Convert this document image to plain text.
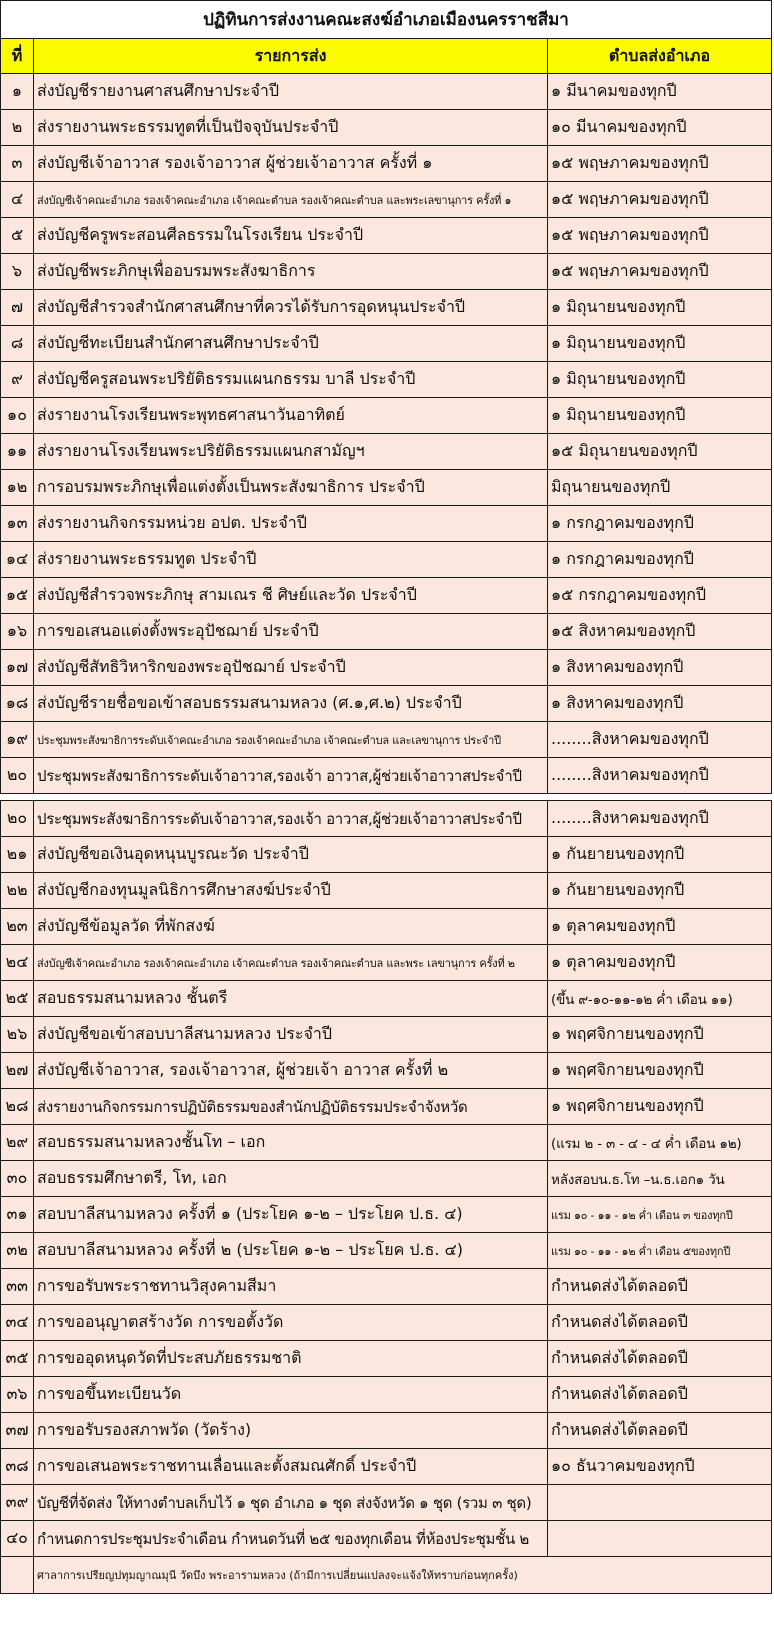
ปฏิทินการส่งงานคณะสงฆ์อำเภอเมืองนครราชสีมา		
ที่	รายการส่ง	ตำบลส่งอำเภอ
๑	ส่งบัญชีรายงานศาสนศึกษาประจำปี	๑ มีนาคมของทุกปี
๒	ส่งรายงานพระธรรมทูตที่เป็นปัจจุบันประจำปี	๑๐ มีนาคมของทุกปี
๓	ส่งบัญชีเจ้าอาวาส รองเจ้าอาวาส ผู้ช่วยเจ้าอาวาส ครั้งที่ ๑	๑๕ พฤษภาคมของทุกปี
๔	ส่งบัญชีเจ้าคณะอำเภอ รองเจ้าคณะอำเภอ เจ้าคณะตำบล รองเจ้าคณะตำบล และพระเลขานุการ ครั้งที่ ๑	๑๕ พฤษภาคมของทุกปี
๕	ส่งบัญชีครูพระสอนศีลธรรมในโรงเรียน ประจำปี	๑๕ พฤษภาคมของทุกปี
๖	ส่งบัญชีพระภิกษุเพื่ออบรมพระสังฆาธิการ	๑๕ พฤษภาคมของทุกปี
๗	ส่งบัญชีสำรวจสำนักศาสนศึกษาที่ควรได้รับการอุดหนุนประจำปี	๑ มิถุนายนของทุกปี
๘	ส่งบัญชีทะเบียนสำนักศาสนศึกษาประจำปี	๑ มิถุนายนของทุกปี
๙	ส่งบัญชีครูสอนพระปริยัติธรรมแผนกธรรม บาลี ประจำปี	๑ มิถุนายนของทุกปี
๑๐	ส่งรายงานโรงเรียนพระพุทธศาสนาวันอาทิตย์	๑ มิถุนายนของทุกปี
๑๑	ส่งรายงานโรงเรียนพระปริยัติธรรมแผนกสามัญฯ	๑๕ มิถุนายนของทุกปี
๑๒	การอบรมพระภิกษุเพื่อแต่งตั้งเป็นพระสังฆาธิการ ประจำปี	มิถุนายนของทุกปี
๑๓	ส่งรายงานกิจกรรมหน่วย อปต. ประจำปี	๑ กรกฎาคมของทุกปี
๑๔	ส่งรายงานพระธรรมทูต ประจำปี	๑ กรกฎาคมของทุกปี
๑๕	ส่งบัญชีสำรวจพระภิกษุ สามเณร ชี ศิษย์และวัด ประจำปี	๑๕ กรกฎาคมของทุกปี
๑๖	การขอเสนอแต่งตั้งพระอุปัชฌาย์ ประจำปี	๑๕ สิงหาคมของทุกปี
๑๗	ส่งบัญชีสัทธิวิหาริกของพระอุปัชฌาย์ ประจำปี	๑ สิงหาคมของทุกปี
๑๘	ส่งบัญชีรายชื่อขอเข้าสอบธรรมสนามหลวง (ศ.๑,ศ.๒) ประจำปี	๑ สิงหาคมของทุกปี
๑๙	ประชุมพระสังฆาธิการระดับเจ้าคณะอำเภอ รองเจ้าคณะอำเภอ เจ้าคณะตำบล และเลขานุการ ประจำปี	........สิงหาคมของทุกปี
๒๐	ประชุมพระสังฆาธิการระดับเจ้าอาวาส,รองเจ้า อาวาส,ผู้ช่วยเจ้าอาวาสประจำปี	........สิงหาคมของทุกปี
๒๐	ประชุมพระสังฆาธิการระดับเจ้าอาวาส,รองเจ้า อาวาส,ผู้ช่วยเจ้าอาวาสประจำปี	........สิงหาคมของทุกปี
๒๑	ส่งบัญชีขอเงินอุดหนุนบูรณะวัด ประจำปี	๑ กันยายนของทุกปี
๒๒	ส่งบัญชีกองทุนมูลนิธิการศึกษาสงฆ์ประจำปี	๑ กันยายนของทุกปี
๒๓	ส่งบัญชีข้อมูลวัด ที่พักสงฆ์	๑ ตุลาคมของทุกปี
๒๔	ส่งบัญชีเจ้าคณะอำเภอ รองเจ้าคณะอำเภอ เจ้าคณะตำบล รองเจ้าคณะตำบล และพระ เลขานุการ ครั้งที่ ๒	๑ ตุลาคมของทุกปี
๒๕	สอบธรรมสนามหลวง ชั้นตรี	(ขึ้น ๙-๑๐-๑๑-๑๒ ค่ำ เดือน ๑๑)
๒๖	ส่งบัญชีขอเข้าสอบบาลีสนามหลวง ประจำปี	๑ พฤศจิกายนของทุกปี
๒๗	ส่งบัญชีเจ้าอาวาส, รองเจ้าอาวาส, ผู้ช่วยเจ้า อาวาส ครั้งที่ ๒	๑ พฤศจิกายนของทุกปี
๒๘	ส่งรายงานกิจกรรมการปฏิบัติธรรมของสำนักปฏิบัติธรรมประจำจังหวัด	๑ พฤศจิกายนของทุกปี
๒๙	สอบธรรมสนามหลวงชั้นโท – เอก	(แรม ๒ - ๓ - ๔ - ๔ ค่ำ เดือน ๑๒)
๓๐	สอบธรรมศึกษาตรี, โท, เอก	หลังสอบน.ธ.โท –น.ธ.เอก๑ วัน
๓๑	สอบบาลีสนามหลวง ครั้งที่ ๑ (ประโยค ๑-๒ – ประโยค ป.ธ. ๔)	แรม ๑๐ - ๑๑ - ๑๒ ค่ำ เดือน ๓ ของทุกปี
๓๒	สอบบาลีสนามหลวง ครั้งที่ ๒ (ประโยค ๑-๒ – ประโยค ป.ธ. ๔)	แรม ๑๐ - ๑๑ - ๑๒ ค่ำ เดือน ๕ของทุกปี
๓๓	การขอรับพระราชทานวิสุงคามสีมา	กำหนดส่งได้ตลอดปี
๓๔	การขออนุญาตสร้างวัด การขอตั้งวัด	กำหนดส่งได้ตลอดปี
๓๕	การขออุดหนุดวัดที่ประสบภัยธรรมชาติ	กำหนดส่งได้ตลอดปี
๓๖	การขอขึ้นทะเบียนวัด	กำหนดส่งได้ตลอดปี
๓๗	การขอรับรองสภาพวัด (วัดร้าง)	กำหนดส่งได้ตลอดปี
๓๘	การขอเสนอพระราชทานเลื่อนและตั้งสมณศักดิ์ ประจำปี	๑๐ ธันวาคมของทุกปี
๓๙	บัญชีที่จัดส่ง ให้ทางตำบลเก็บไว้ ๑ ชุด อำเภอ ๑ ชุด ส่งจังหวัด ๑ ชุด (รวม ๓ ชุด)	
๔๐	กำหนดการประชุมประจำเดือน กำหนดวันที่ ๒๕ ของทุกเดือน ที่ห้องประชุมชั้น ๒	
	ศาลาการเปรียญปทุมญาณมุนี วัดบึง พระอารามหลวง (ถ้ามีการเปลี่ยนแปลงจะแจ้งให้ทราบก่อนทุกครั้ง)	
